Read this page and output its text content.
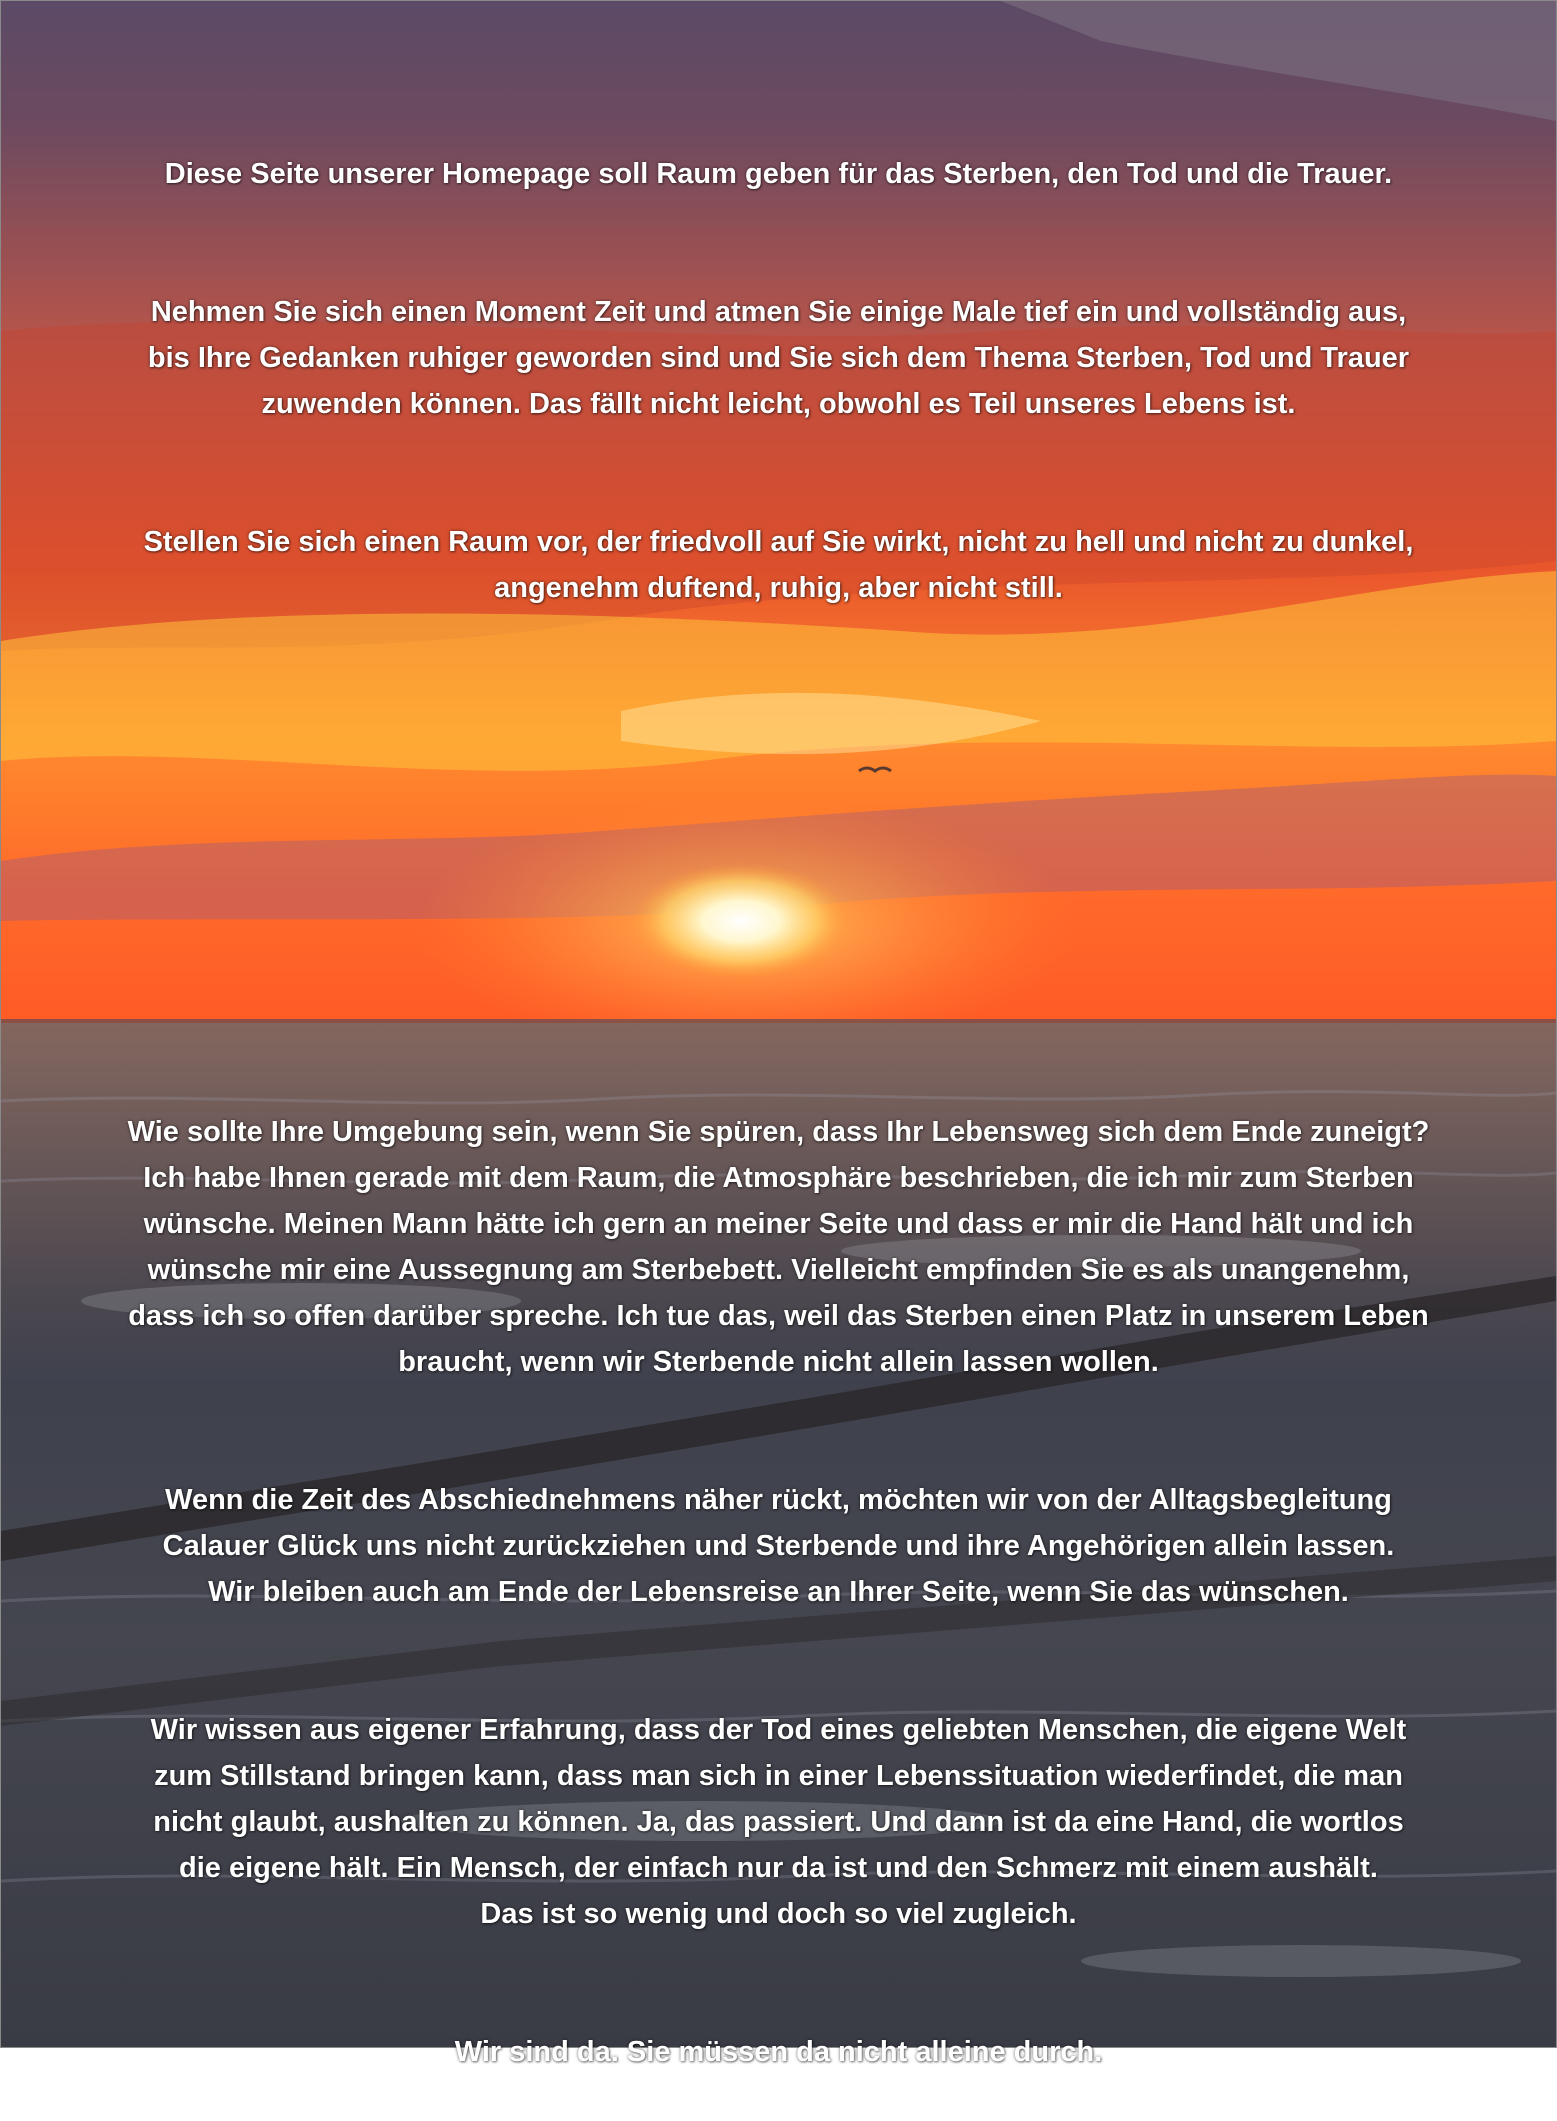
Diese Seite unserer Homepage soll Raum geben für das Sterben, den Tod und die Trauer.

Nehmen Sie sich einen Moment Zeit und atmen Sie einige Male tief ein und vollständig aus,
bis Ihre Gedanken ruhiger geworden sind und Sie sich dem Thema Sterben, Tod und Trauer
zuwenden können. Das fällt nicht leicht, obwohl es Teil unseres Lebens ist.

Stellen Sie sich einen Raum vor, der friedvoll auf Sie wirkt, nicht zu hell und nicht zu dunkel,
angenehm duftend, ruhig, aber nicht still.

Wie sollte Ihre Umgebung sein, wenn Sie spüren, dass Ihr Lebensweg sich dem Ende zuneigt?
Ich habe Ihnen gerade mit dem Raum, die Atmosphäre beschrieben, die ich mir zum Sterben
wünsche. Meinen Mann hätte ich gern an meiner Seite und dass er mir die Hand hält und ich
wünsche mir eine Aussegnung am Sterbebett. Vielleicht empfinden Sie es als unangenehm,
dass ich so offen darüber spreche. Ich tue das, weil das Sterben einen Platz in unserem Leben
braucht, wenn wir Sterbende nicht allein lassen wollen.

Wenn die Zeit des Abschiednehmens näher rückt, möchten wir von der Alltagsbegleitung
Calauer Glück uns nicht zurückziehen und Sterbende und ihre Angehörigen allein lassen.
Wir bleiben auch am Ende der Lebensreise an Ihrer Seite, wenn Sie das wünschen.

Wir wissen aus eigener Erfahrung, dass der Tod eines geliebten Menschen, die eigene Welt
zum Stillstand bringen kann, dass man sich in einer Lebenssituation wiederfindet, die man
nicht glaubt, aushalten zu können. Ja, das passiert. Und dann ist da eine Hand, die wortlos
die eigene hält. Ein Mensch, der einfach nur da ist und den Schmerz mit einem aushält.
Das ist so wenig und doch so viel zugleich.

Wir sind da. Sie müssen da nicht alleine durch.
